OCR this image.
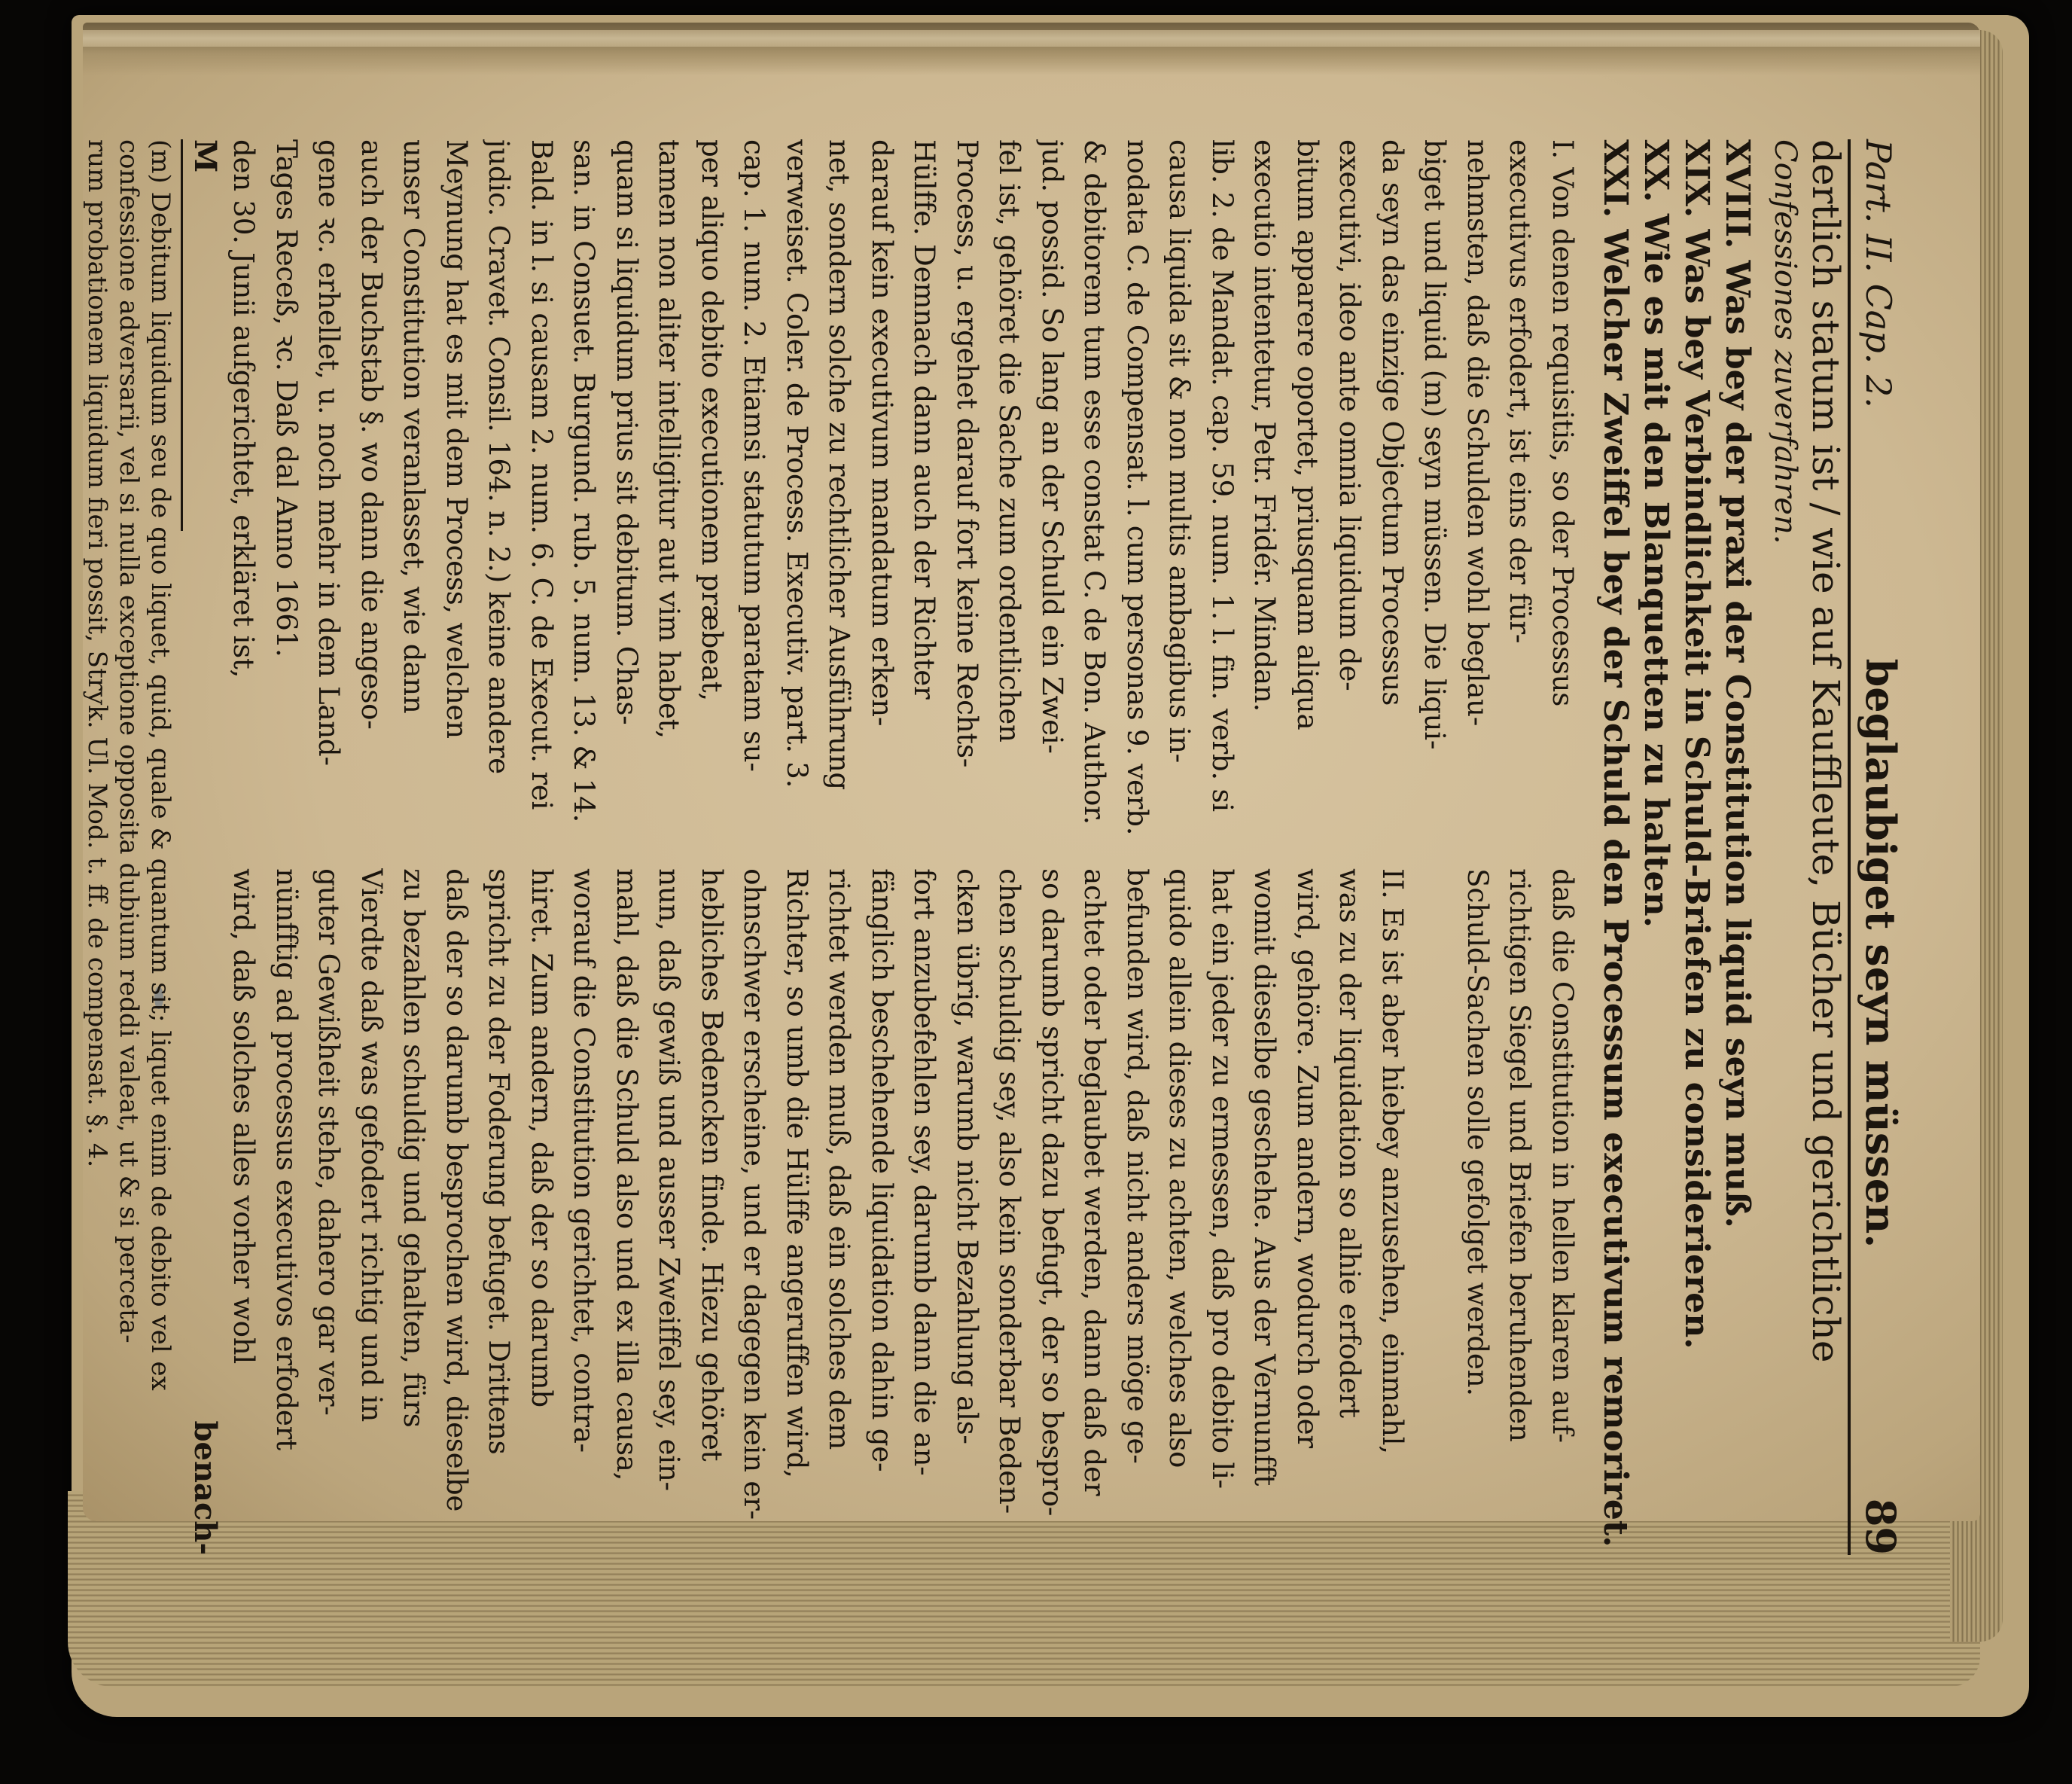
Part. II. Cap. 2.
beglaubiget seyn müssen.
89
dertlich statum ist / wie auf Kauffleute, Bücher und gerichtliche
Confessiones zuverfahren.
XVIII. Was bey der praxi der Constitution liquid seyn muß.
XIX. Was bey Verbindlichkeit in Schuld-Briefen zu considerieren.
XX. Wie es mit den Blanquetten zu halten.
XXI. Welcher Zweiffel bey der Schuld den Processum executivum remoriret.
I. Von denen requisitis, so der Processus
executivus erfodert, ist eins der für-
nehmsten, daß die Schulden wohl beglau-
biget und liquid (m) seyn müssen. Die liqui-
da seyn das einzige Objectum Processus
executivi, ideo ante omnia liquidum de-
bitum apparere oportet, priusquam aliqua
executio intentetur, Petr. Fridér. Mindan.
lib. 2. de Mandat. cap. 59. num. 1. l. fin. verb. si
causa liquida sit & non multis ambagibus in-
nodata C. de Compensat. l. cum personas 9. verb.
& debitorem tum esse constat C. de Bon. Author.
jud. possid. So lang an der Schuld ein Zwei-
fel ist, gehöret die Sache zum ordentlichen
Process, u. ergehet darauf fort keine Rechts-
Hülffe. Demnach dann auch der Richter
darauf kein executivum mandatum erken-
net, sondern solche zu rechtlicher Ausführung
verweiset. Coler. de Process. Executiv. part. 3.
cap. 1. num. 2. Etiamsi statutum paratam su-
per aliquo debito executionem præbeat,
tamen non aliter intelligitur aut vim habet,
quam si liquidum prius sit debitum. Chas-
san. in Consuet. Burgund. rub. 5. num. 13. & 14.
Bald. in l. si causam 2. num. 6. C. de Execut. rei
judic. Cravet. Consil. 164. n. 2.) keine andere
Meynung hat es mit dem Process, welchen
unser Constitution veranlasset, wie dann
auch der Buchstab §. wo dann die angeso-
gene ꝛc. erhellet, u. noch mehr in dem Land-
Tages Receß, ꝛc. Daß dal Anno 1661.
den 30. Junii aufgerichtet, erkläret ist,
daß die Constitution in hellen klaren auf-
richtigen Siegel und Briefen beruhenden
Schuld-Sachen solle gefolget werden.

II. Es ist aber hiebey anzusehen, einmahl,
was zu der liquidation so alhie erfodert
wird, gehöre. Zum andern, wodurch oder
womit dieselbe geschehe. Aus der Vernunfft
hat ein jeder zu ermessen, daß pro debito li-
quido allein dieses zu achten, welches also
befunden wird, daß nicht anders möge ge-
achtet oder beglaubet werden, dann daß der
so darumb spricht dazu befugt, der so bespro-
chen schuldig sey, also kein sonderbar Beden-
cken übrig, warumb nicht Bezahlung als-
fort anzubefehlen sey, darumb dann die an-
fänglich beschehende liquidation dahin ge-
richtet werden muß, daß ein solches dem
Richter, so umb die Hülffe angeruffen wird,
ohnschwer erscheine, und er dagegen kein er-
hebliches Bedencken finde. Hiezu gehöret
nun, daß gewiß und ausser Zweiffel sey, ein-
mahl, daß die Schuld also und ex illa causa,
worauf die Constitution gerichtet, contra-
hiret. Zum andern, daß der so darumb
spricht zu der Foderung befuget. Drittens
daß der so darumb besprochen wird, dieselbe
zu bezahlen schuldig und gehalten, fürs
Vierdte daß was gefodert richtig und in
guter Gewißheit stehe, dahero gar ver-
nünfftig ad processus executivos erfodert
wird, daß solches alles vorher wohl
M
benach-
(m) Debitum liquidum seu de quo liquet, quid, quale & quantum sit; liquet enim de debito vel ex
confessione adversarii, vel si nulla exceptione opposita dubium reddi valeat, ut & si perceta-
rum probationem liquidum fieri possit, Stryk. Ul. Mod. t. ff. de compensat. §. 4.
